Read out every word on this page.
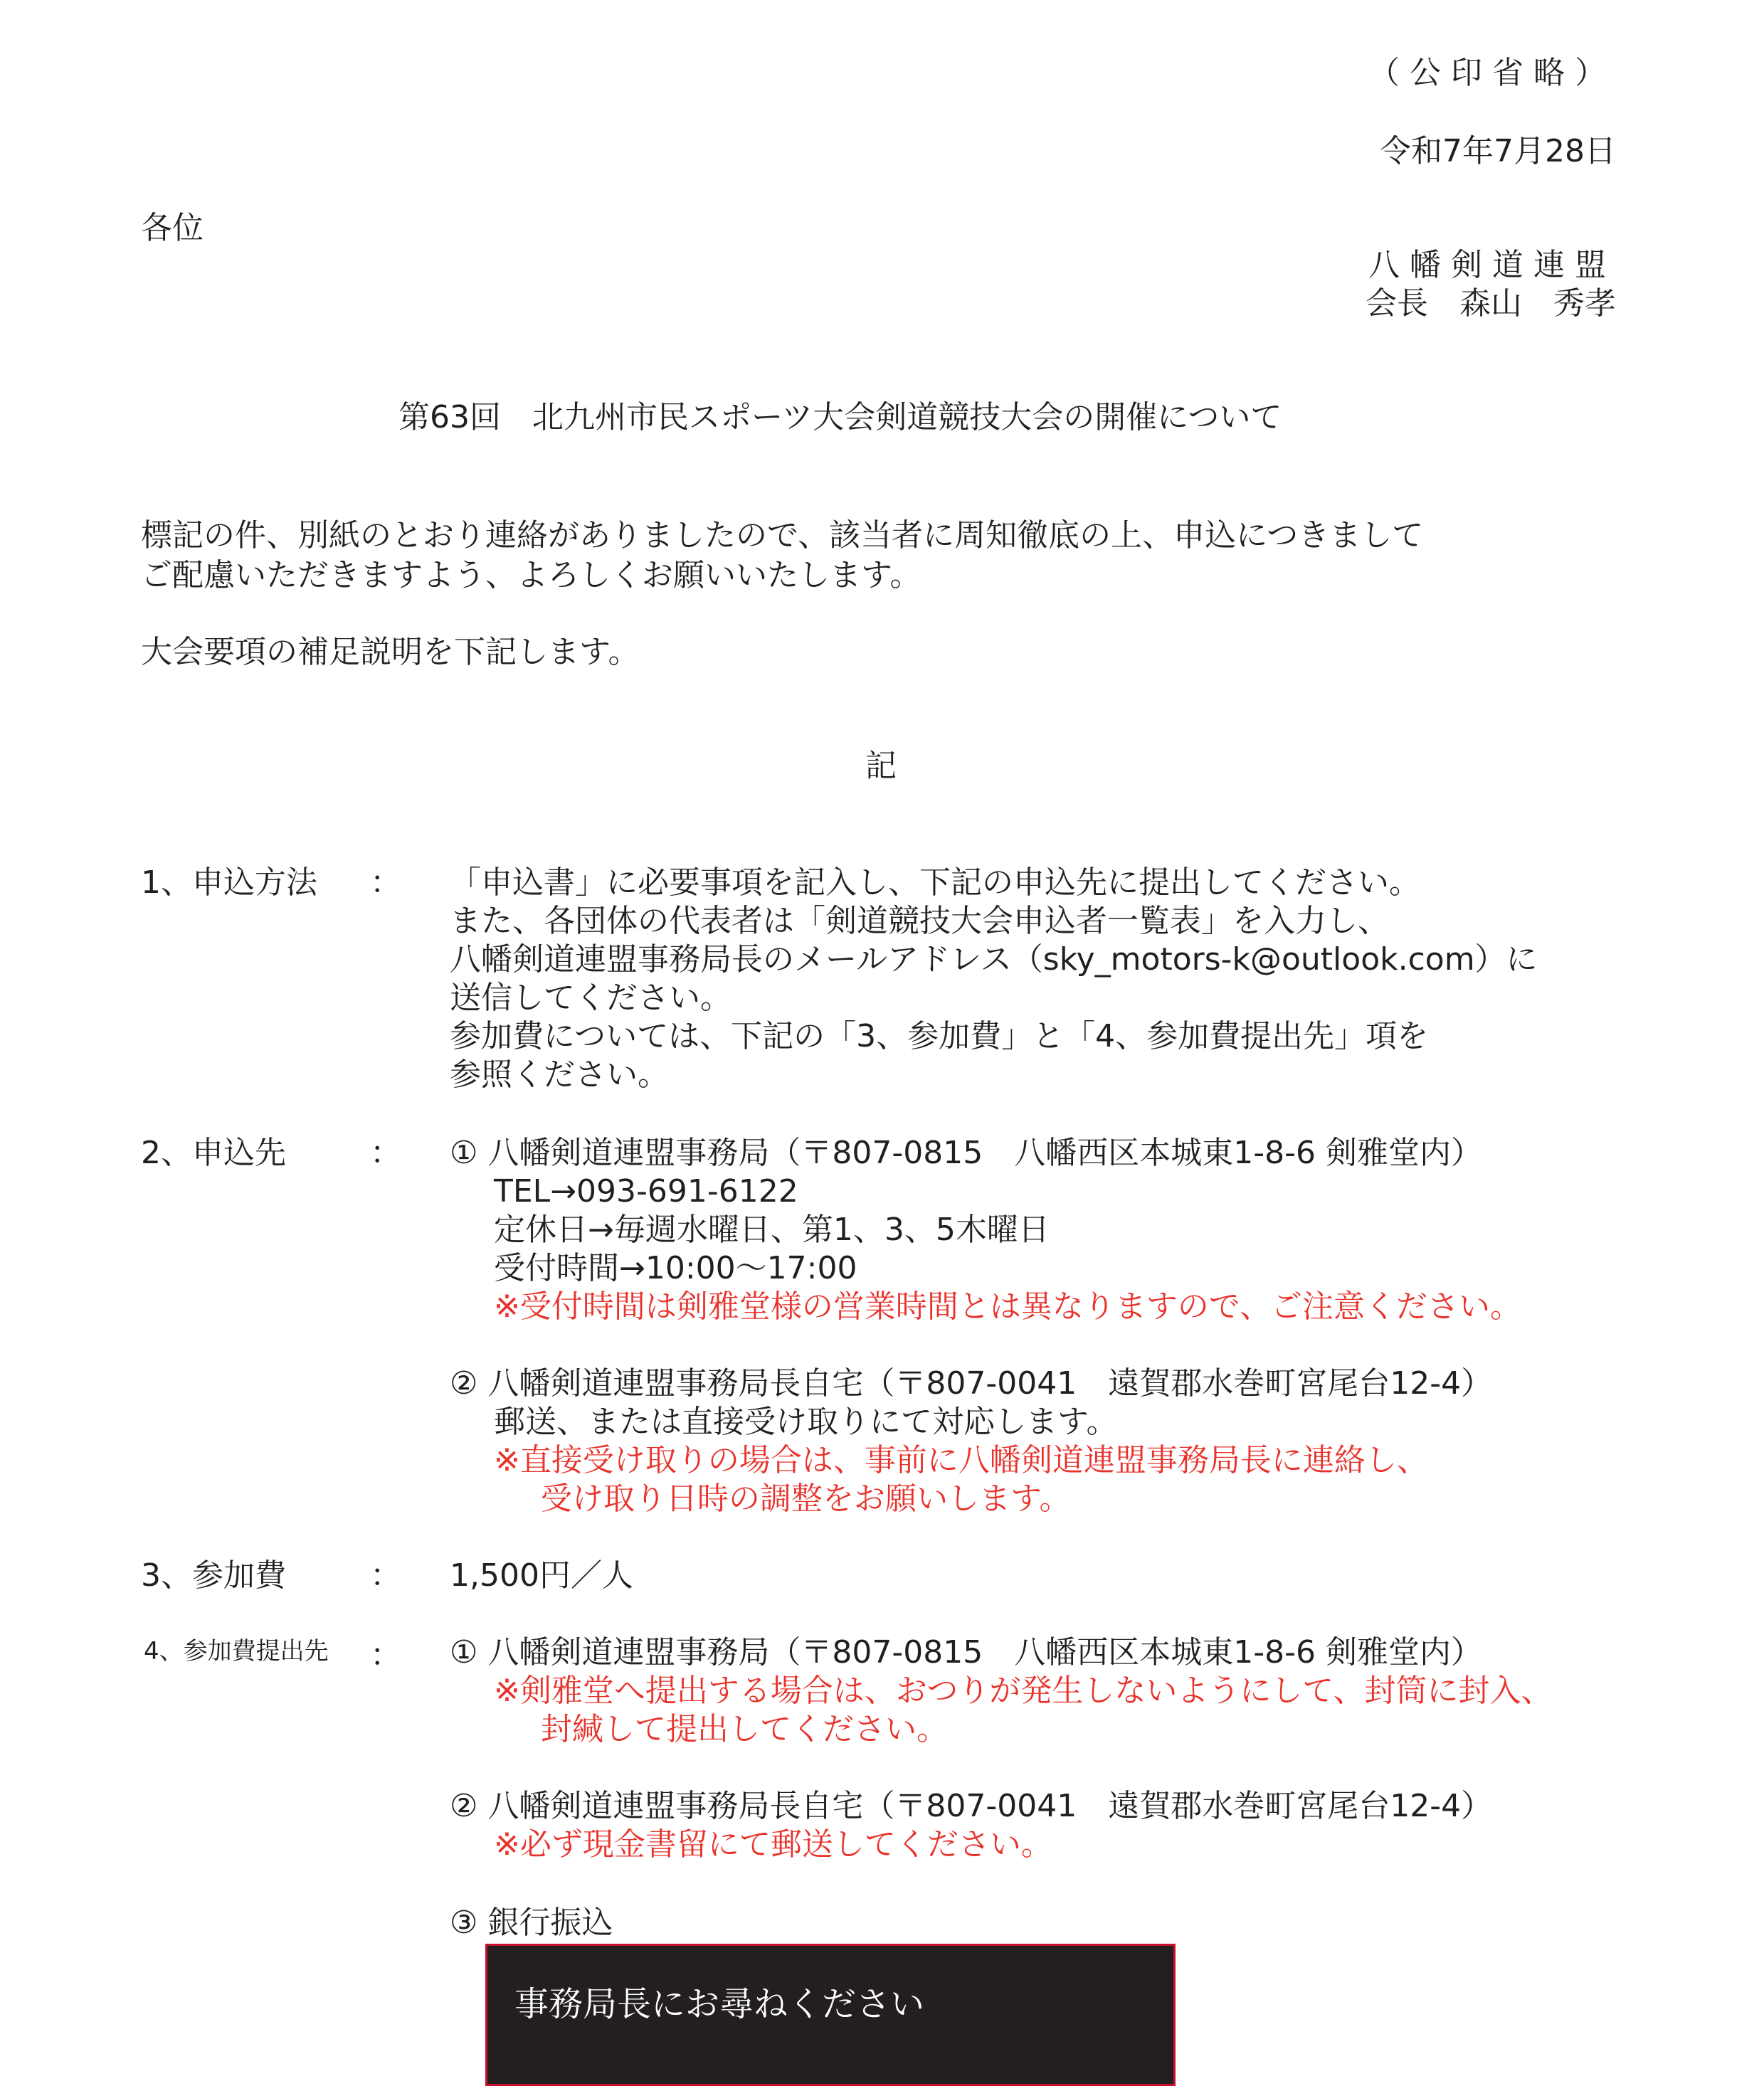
（公印省略）
令和7年7月28日
各位
八幡剣道連盟
会長　森山　秀孝
第63回　北九州市民スポーツ大会剣道競技大会の開催について
標記の件、別紙のとおり連絡がありましたので、該当者に周知徹底の上、申込につきまして
ご配慮いただきますよう、よろしくお願いいたします。
大会要項の補足説明を下記します。
記
1、申込方法 ： 「申込書」に必要事項を記入し、下記の申込先に提出してください。
また、各団体の代表者は「剣道競技大会申込者一覧表」を入力し、
八幡剣道連盟事務局長のメールアドレス（sky_motors-k@outlook.com）に
送信してください。
参加費については、下記の「3、参加費」と「4、参加費提出先」項を
参照ください。
2、申込先	： ① 八幡剣道連盟事務局（〒807-0815　八幡西区本城東1-8-6 剣雅堂内）
TEL→093-691-6122
定休日→毎週水曜日、第1、3、5木曜日
受付時間→10:00～17:00
※受付時間は剣雅堂様の営業時間とは異なりますので、ご注意ください。
② 八幡剣道連盟事務局長自宅（〒807-0041　遠賀郡水巻町宮尾台12-4）
郵送、または直接受け取りにて対応します。
※直接受け取りの場合は、事前に八幡剣道連盟事務局長に連絡し、
受け取り日時の調整をお願いします。
3、参加費	： 1,500円／人
4、参加費提出先 ： ① 八幡剣道連盟事務局（〒807-0815　八幡西区本城東1-8-6 剣雅堂内）
※剣雅堂へ提出する場合は、おつりが発生しないようにして、封筒に封入、
封緘して提出してください。
② 八幡剣道連盟事務局長自宅（〒807-0041　遠賀郡水巻町宮尾台12-4）
※必ず現金書留にて郵送してください。
③ 銀行振込
事務局長にお尋ねください
